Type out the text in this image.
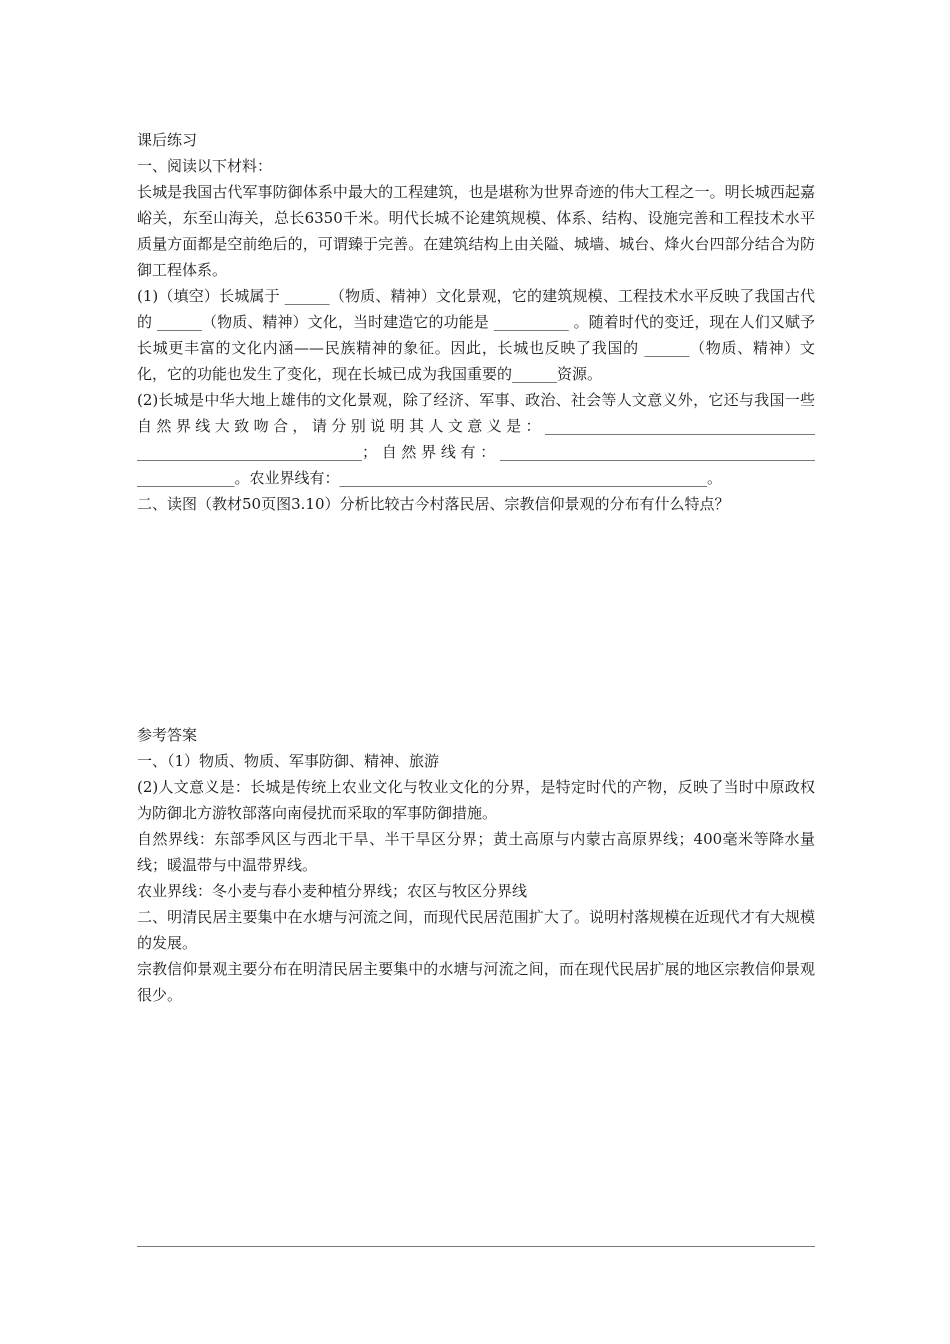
课后练习

一、阅读以下材料：

长城是我国古代军事防御体系中最大的工程建筑，也是堪称为世界奇迹的伟大工程之一。明长城西起嘉峪关，东至山海关，总长6350千米。明代长城不论建筑规模、体系、结构、设施完善和工程技术水平质量方面都是空前绝后的，可谓臻于完善。在建筑结构上由关隘、城墙、城台、烽火台四部分结合为防御工程体系。

(1)（填空）长城属于 ______（物质、精神）文化景观，它的建筑规模、工程技术水平反映了我国古代的 ______（物质、精神）文化，当时建造它的功能是 __________ 。随着时代的变迁，现在人们又赋予长城更丰富的文化内涵——民族精神的象征。因此，长城也反映了我国的 ______（物质、精神）文化，它的功能也发生了变化，现在长城已成为我国重要的______资源。

(2)长城是中华大地上雄伟的文化景观，除了经济、军事、政治、社会等人文意义外，它还与我国一些自然界线大致吻合，请分别说明其人文意义是：____________________________________ ______________________________；自然界线有：__________________________________________ _____________。农业界线有：_________________________________________________。

二、读图（教材50页图3.10）分析比较古今村落民居、宗教信仰景观的分布有什么特点？

参考答案

一、（1）物质、物质、军事防御、精神、旅游

(2)人文意义是：长城是传统上农业文化与牧业文化的分界，是特定时代的产物，反映了当时中原政权为防御北方游牧部落向南侵扰而采取的军事防御措施。

自然界线：东部季风区与西北干旱、半干旱区分界；黄土高原与内蒙古高原界线；400毫米等降水量线；暖温带与中温带界线。

农业界线：冬小麦与春小麦种植分界线；农区与牧区分界线

二、明清民居主要集中在水塘与河流之间，而现代民居范围扩大了。说明村落规模在近现代才有大规模的发展。

宗教信仰景观主要分布在明清民居主要集中的水塘与河流之间，而在现代民居扩展的地区宗教信仰景观很少。
